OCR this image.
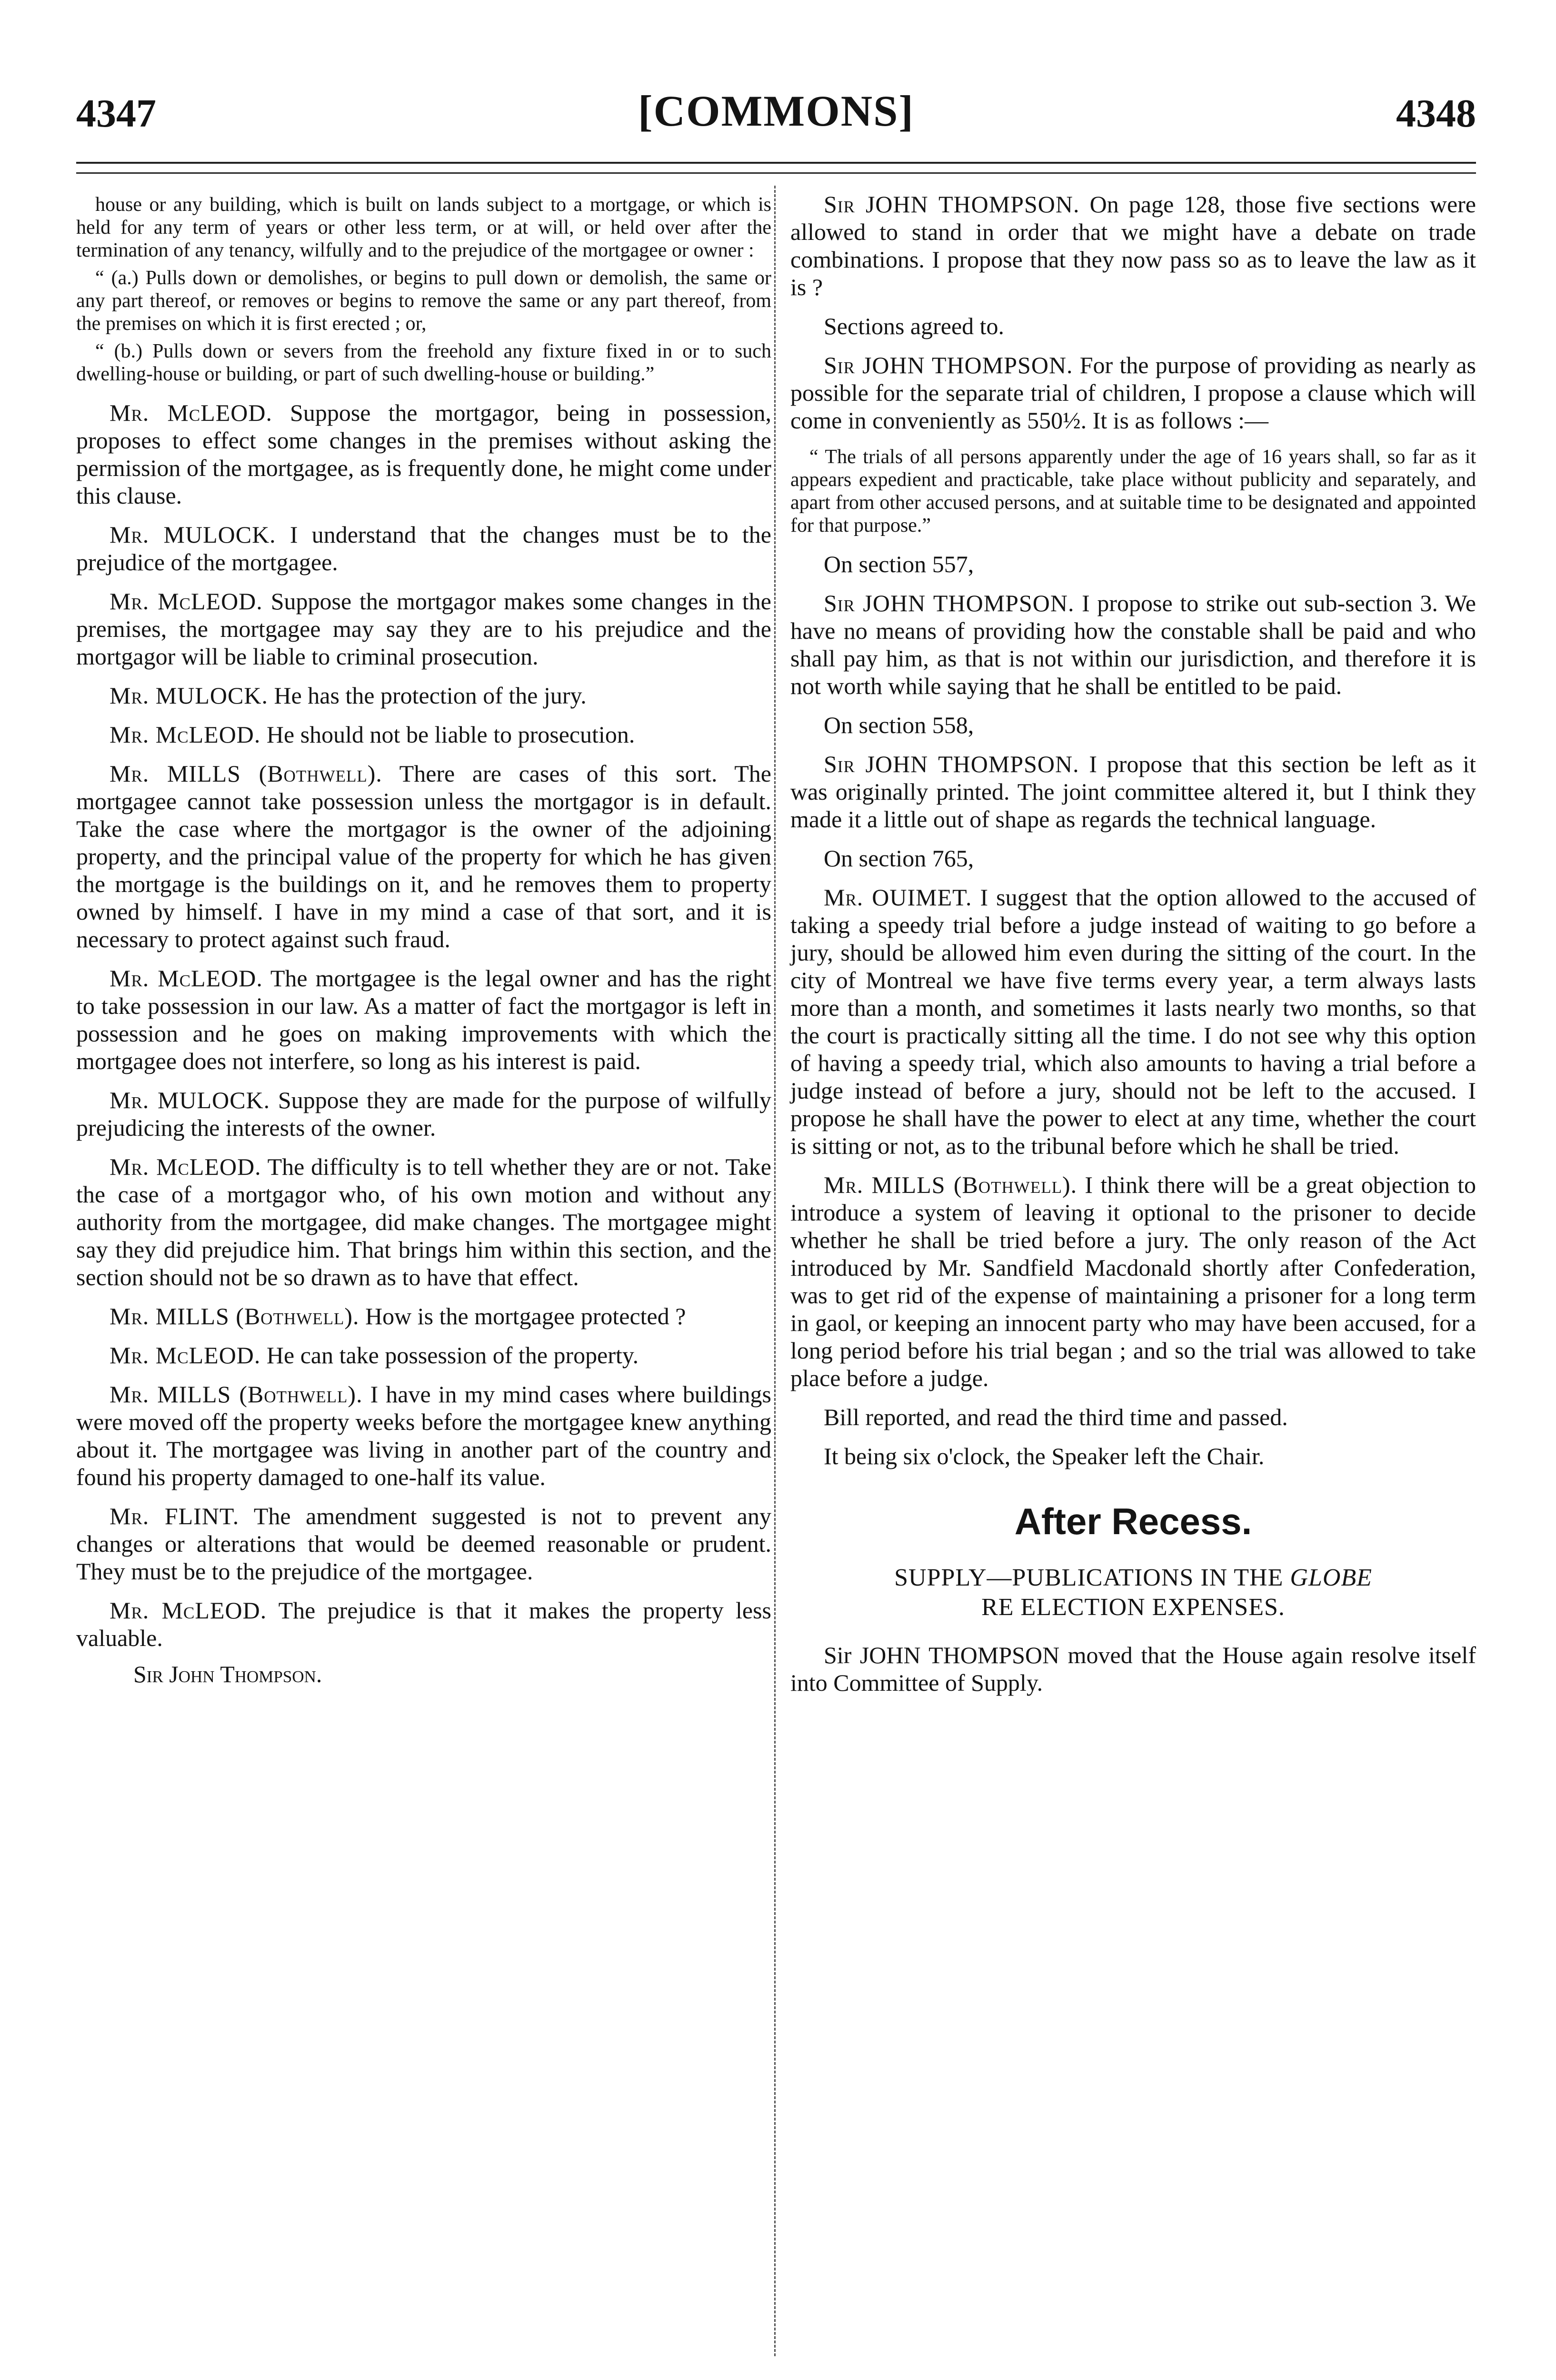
4347	[COMMONS]	4348

house or any building, which is built on lands subject to a mortgage, or which is held for any term of years or other less term, or at will, or held over after the termination of any tenancy, wilfully and to the prejudice of the mortgagee or owner :

“ (a.) Pulls down or demolishes, or begins to pull down or demolish, the same or any part thereof, or removes or begins to remove the same or any part thereof, from the premises on which it is first erected ; or,

“ (b.) Pulls down or severs from the freehold any fixture fixed in or to such dwelling-house or building, or part of such dwelling-house or building.”

Mr. McLEOD. Suppose the mortgagor, being in possession, proposes to effect some changes in the premises without asking the permission of the mortgagee, as is frequently done, he might come under this clause.

Mr. MULOCK. I understand that the changes must be to the prejudice of the mortgagee.

Mr. McLEOD. Suppose the mortgagor makes some changes in the premises, the mortgagee may say they are to his prejudice and the mortgagor will be liable to criminal prosecution.

Mr. MULOCK. He has the protection of the jury.

Mr. McLEOD. He should not be liable to prosecution.

Mr. MILLS (Bothwell). There are cases of this sort. The mortgagee cannot take possession unless the mortgagor is in default. Take the case where the mortgagor is the owner of the adjoining property, and the principal value of the property for which he has given the mortgage is the buildings on it, and he removes them to property owned by himself. I have in my mind a case of that sort, and it is necessary to protect against such fraud.

Mr. McLEOD. The mortgagee is the legal owner and has the right to take possession in our law. As a matter of fact the mortgagor is left in possession and he goes on making improvements with which the mortgagee does not interfere, so long as his interest is paid.

Mr. MULOCK. Suppose they are made for the purpose of wilfully prejudicing the interests of the owner.

Mr. McLEOD. The difficulty is to tell whether they are or not. Take the case of a mortgagor who, of his own motion and without any authority from the mortgagee, did make changes. The mortgagee might say they did prejudice him. That brings him within this section, and the section should not be so drawn as to have that effect.

Mr. MILLS (Bothwell). How is the mortgagee protected ?

Mr. McLEOD. He can take possession of the property.

Mr. MILLS (Bothwell). I have in my mind cases where buildings were moved off the property weeks before the mortgagee knew anything about it. The mortgagee was living in another part of the country and found his property damaged to one-half its value.

Mr. FLINT. The amendment suggested is not to prevent any changes or alterations that would be deemed reasonable or prudent. They must be to the prejudice of the mortgagee.

Mr. McLEOD. The prejudice is that it makes the property less valuable.

Sir John Thompson.

Sir JOHN THOMPSON. On page 128, those five sections were allowed to stand in order that we might have a debate on trade combinations. I propose that they now pass so as to leave the law as it is ?

Sections agreed to.

Sir JOHN THOMPSON. For the purpose of providing as nearly as possible for the separate trial of children, I propose a clause which will come in conveniently as 550½. It is as follows :—

“ The trials of all persons apparently under the age of 16 years shall, so far as it appears expedient and practicable, take place without publicity and separately, and apart from other accused persons, and at suitable time to be designated and appointed for that purpose.”

On section 557,

Sir JOHN THOMPSON. I propose to strike out sub-section 3. We have no means of providing how the constable shall be paid and who shall pay him, as that is not within our jurisdiction, and therefore it is not worth while saying that he shall be entitled to be paid.

On section 558,

Sir JOHN THOMPSON. I propose that this section be left as it was originally printed. The joint committee altered it, but I think they made it a little out of shape as regards the technical language.

On section 765,

Mr. OUIMET. I suggest that the option allowed to the accused of taking a speedy trial before a judge instead of waiting to go before a jury, should be allowed him even during the sitting of the court. In the city of Montreal we have five terms every year, a term always lasts more than a month, and sometimes it lasts nearly two months, so that the court is practically sitting all the time. I do not see why this option of having a speedy trial, which also amounts to having a trial before a judge instead of before a jury, should not be left to the accused. I propose he shall have the power to elect at any time, whether the court is sitting or not, as to the tribunal before which he shall be tried.

Mr. MILLS (Bothwell). I think there will be a great objection to introduce a system of leaving it optional to the prisoner to decide whether he shall be tried before a jury. The only reason of the Act introduced by Mr. Sandfield Macdonald shortly after Confederation, was to get rid of the expense of maintaining a prisoner for a long term in gaol, or keeping an innocent party who may have been accused, for a long period before his trial began ; and so the trial was allowed to take place before a judge.

Bill reported, and read the third time and passed.

It being six o'clock, the Speaker left the Chair.

After Recess.
SUPPLY—PUBLICATIONS IN THE GLOBE
RE ELECTION EXPENSES.

Sir JOHN THOMPSON moved that the House again resolve itself into Committee of Supply.
